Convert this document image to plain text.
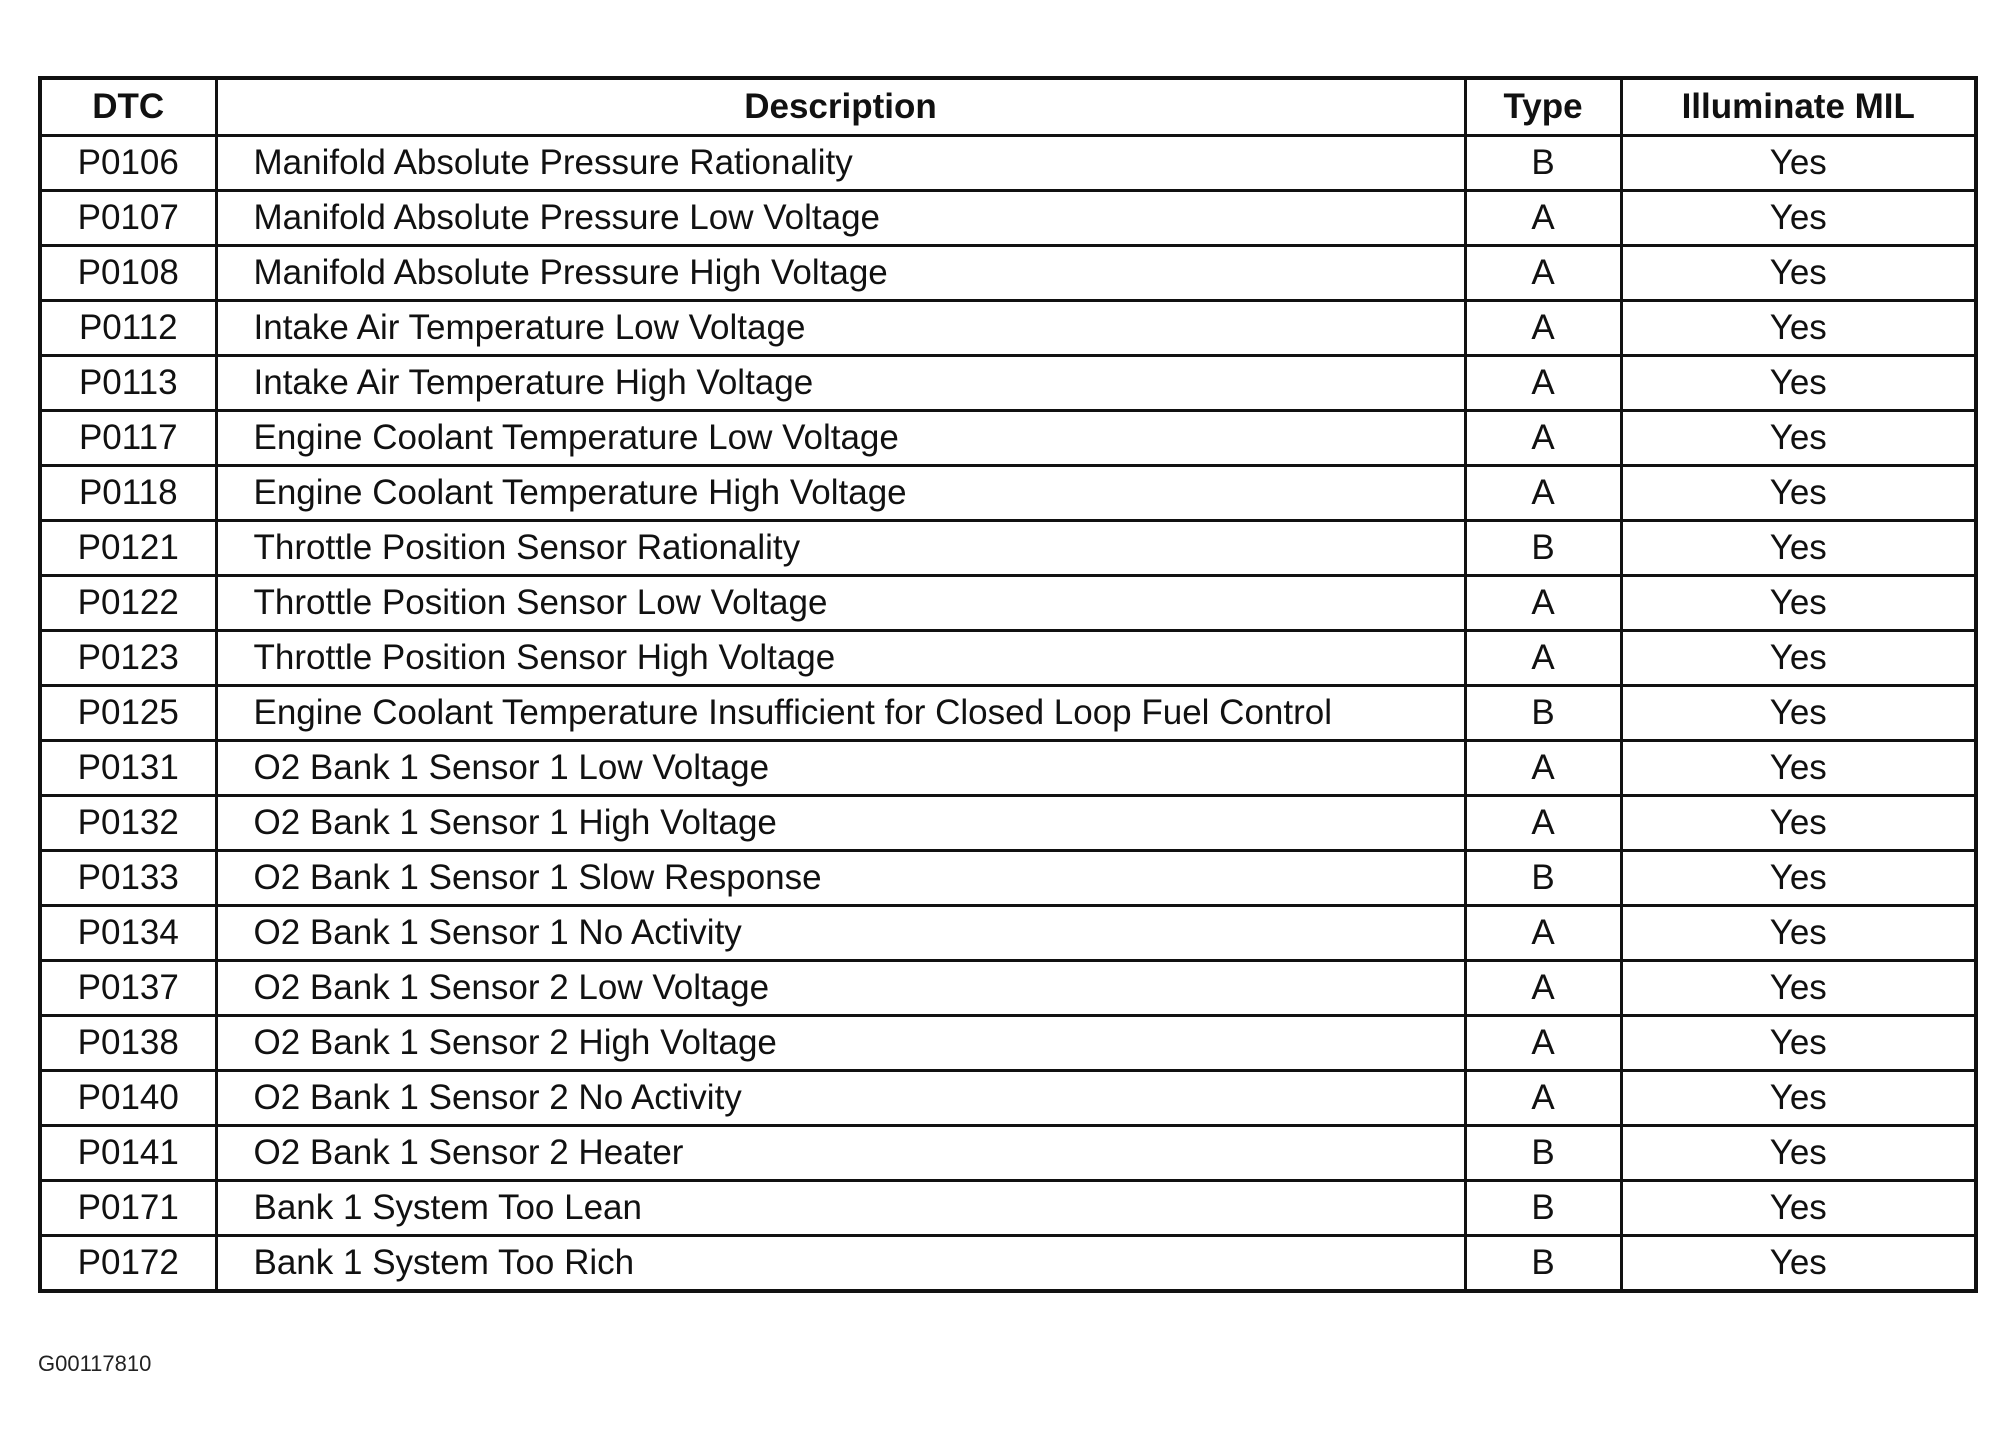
DTC	Description	Type	Illuminate MIL
P0106	Manifold Absolute Pressure Rationality	B	Yes
P0107	Manifold Absolute Pressure Low Voltage	A	Yes
P0108	Manifold Absolute Pressure High Voltage	A	Yes
P0112	Intake Air Temperature Low Voltage	A	Yes
P0113	Intake Air Temperature High Voltage	A	Yes
P0117	Engine Coolant Temperature Low Voltage	A	Yes
P0118	Engine Coolant Temperature High Voltage	A	Yes
P0121	Throttle Position Sensor Rationality	B	Yes
P0122	Throttle Position Sensor Low Voltage	A	Yes
P0123	Throttle Position Sensor High Voltage	A	Yes
P0125	Engine Coolant Temperature Insufficient for Closed Loop Fuel Control	B	Yes
P0131	O2 Bank 1 Sensor 1 Low Voltage	A	Yes
P0132	O2 Bank 1 Sensor 1 High Voltage	A	Yes
P0133	O2 Bank 1 Sensor 1 Slow Response	B	Yes
P0134	O2 Bank 1 Sensor 1 No Activity	A	Yes
P0137	O2 Bank 1 Sensor 2 Low Voltage	A	Yes
P0138	O2 Bank 1 Sensor 2 High Voltage	A	Yes
P0140	O2 Bank 1 Sensor 2 No Activity	A	Yes
P0141	O2 Bank 1 Sensor 2 Heater	B	Yes
P0171	Bank 1 System Too Lean	B	Yes
P0172	Bank 1 System Too Rich	B	Yes
G00117810
